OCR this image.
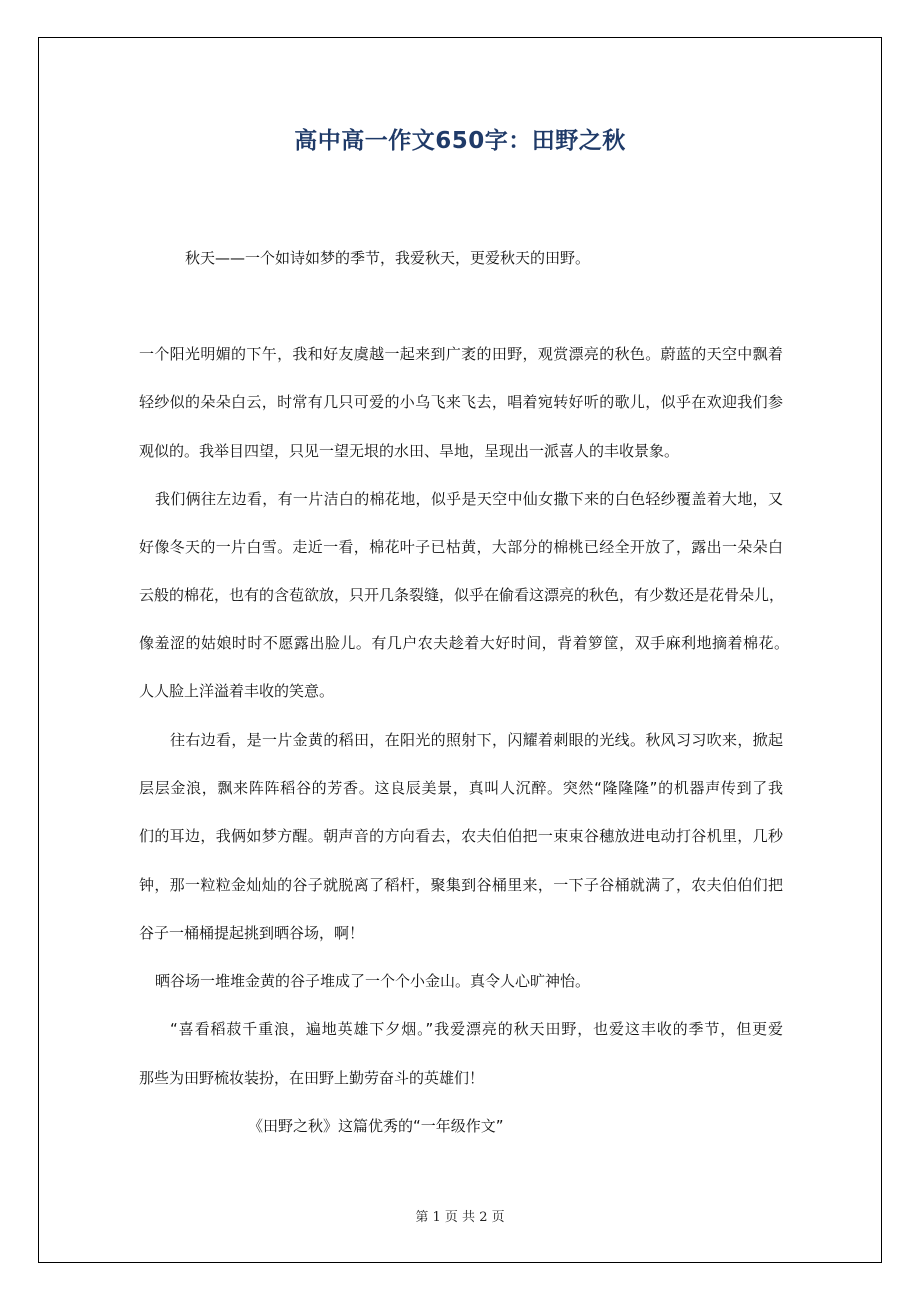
高中高一作文650字：田野之秋
秋天——一个如诗如梦的季节，我爱秋天，更爱秋天的田野。
一个阳光明媚的下午，我和好友虞越一起来到广袤的田野，观赏漂亮的秋色。蔚蓝的天空中飘着
轻纱似的朵朵白云，时常有几只可爱的小乌飞来飞去，唱着宛转好听的歌儿，似乎在欢迎我们参
观似的。我举目四望，只见一望无垠的水田、旱地，呈现出一派喜人的丰收景象。
我们俩往左边看，有一片洁白的棉花地，似乎是天空中仙女撒下来的白色轻纱覆盖着大地，又
好像冬天的一片白雪。走近一看，棉花叶子已枯黄，大部分的棉桃已经全开放了，露出一朵朵白
云般的棉花，也有的含苞欲放，只开几条裂缝，似乎在偷看这漂亮的秋色，有少数还是花骨朵儿，
像羞涩的姑娘时时不愿露出脸儿。有几户农夫趁着大好时间，背着箩筐，双手麻利地摘着棉花。
人人脸上洋溢着丰收的笑意。
往右边看，是一片金黄的稻田，在阳光的照射下，闪耀着刺眼的光线。秋风习习吹来，掀起
层层金浪，飘来阵阵稻谷的芳香。这良辰美景，真叫人沉醉。突然“隆隆隆”的机器声传到了我
们的耳边，我俩如梦方醒。朝声音的方向看去，农夫伯伯把一束束谷穗放进电动打谷机里，几秒
钟，那一粒粒金灿灿的谷子就脱离了稻杆，聚集到谷桶里来，一下子谷桶就满了，农夫伯伯们把
谷子一桶桶提起挑到晒谷场，啊！
晒谷场一堆堆金黄的谷子堆成了一个个小金山。真令人心旷神怡。
“喜看稻菽千重浪，遍地英雄下夕烟。”我爱漂亮的秋天田野，也爱这丰收的季节，但更爱
那些为田野梳妆装扮，在田野上勤劳奋斗的英雄们！
《田野之秋》这篇优秀的“一年级作文”
第 1 页 共 2 页
